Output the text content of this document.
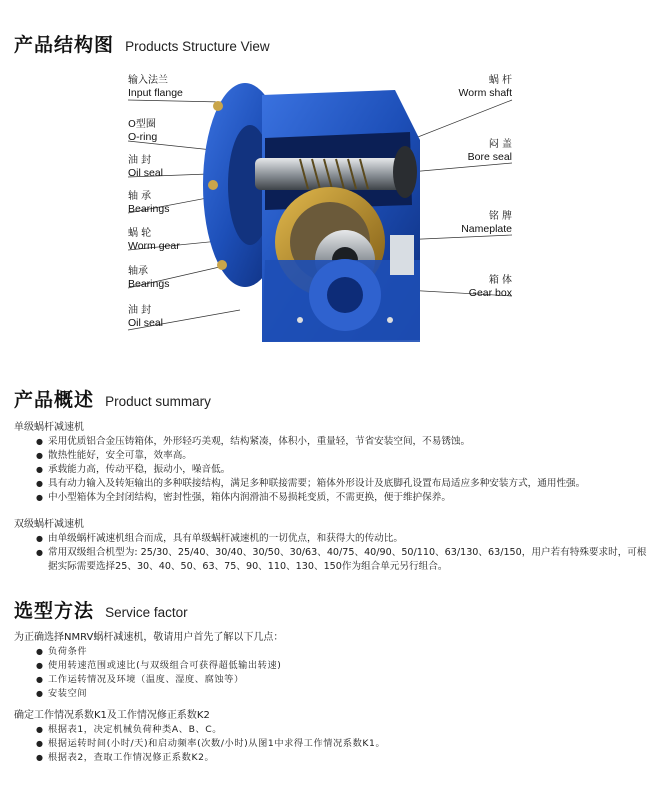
产品结构图 Products Structure View
输入法兰
Input flange
O型圈
O-ring
油 封
Oil seal
轴 承
Bearings
蜗 轮
Worm gear
轴承
Bearings
油 封
Oil seal
蜗 杆
Worm shaft
闷 盖
Bore seal
铭 牌
Nameplate
箱 体
Gear box
产品概述 Product summary
单级蜗杆减速机
● 采用优质铝合金压铸箱体，外形轻巧美观，结构紧凑，体积小，重量轻，节省安装空间，不易锈蚀。
● 散热性能好，安全可靠，效率高。
● 承载能力高，传动平稳，振动小，噪音低。
● 具有动力输入及转矩输出的多种联接结构，满足多种联接需要；箱体外形设计及底脚孔设置布局适应多种安装方式，通用性强。
● 中小型箱体为全封闭结构，密封性强，箱体内润滑油不易损耗变质，不需更换，便于维护保养。
双级蜗杆减速机
● 由单级蜗杆减速机组合而成，具有单级蜗杆减速机的一切优点，和获得大的传动比。
● 常用双级组合机型为: 25/30、25/40、30/40、30/50、30/63、40/75、40/90、50/110、63/130、63/150，用户若有特殊要求时，可根据实际需要选择25、30、40、50、63、75、90、110、130、150作为组合单元另行组合。
选型方法 Service factor
为正确选择NMRV蜗杆减速机，敬请用户首先了解以下几点：
● 负荷条件
● 使用转速范围或速比(与双级组合可获得超低输出转速)
● 工作运转情况及环境（温度、湿度、腐蚀等）
● 安装空间
确定工作情况系数K1及工作情况修正系数K2
● 根据表1，决定机械负荷种类A、B、C。
● 根据运转时间(小时/天)和启动频率(次数/小时)从图1中求得工作情况系数K1。
● 根据表2，查取工作情况修正系数K2。
